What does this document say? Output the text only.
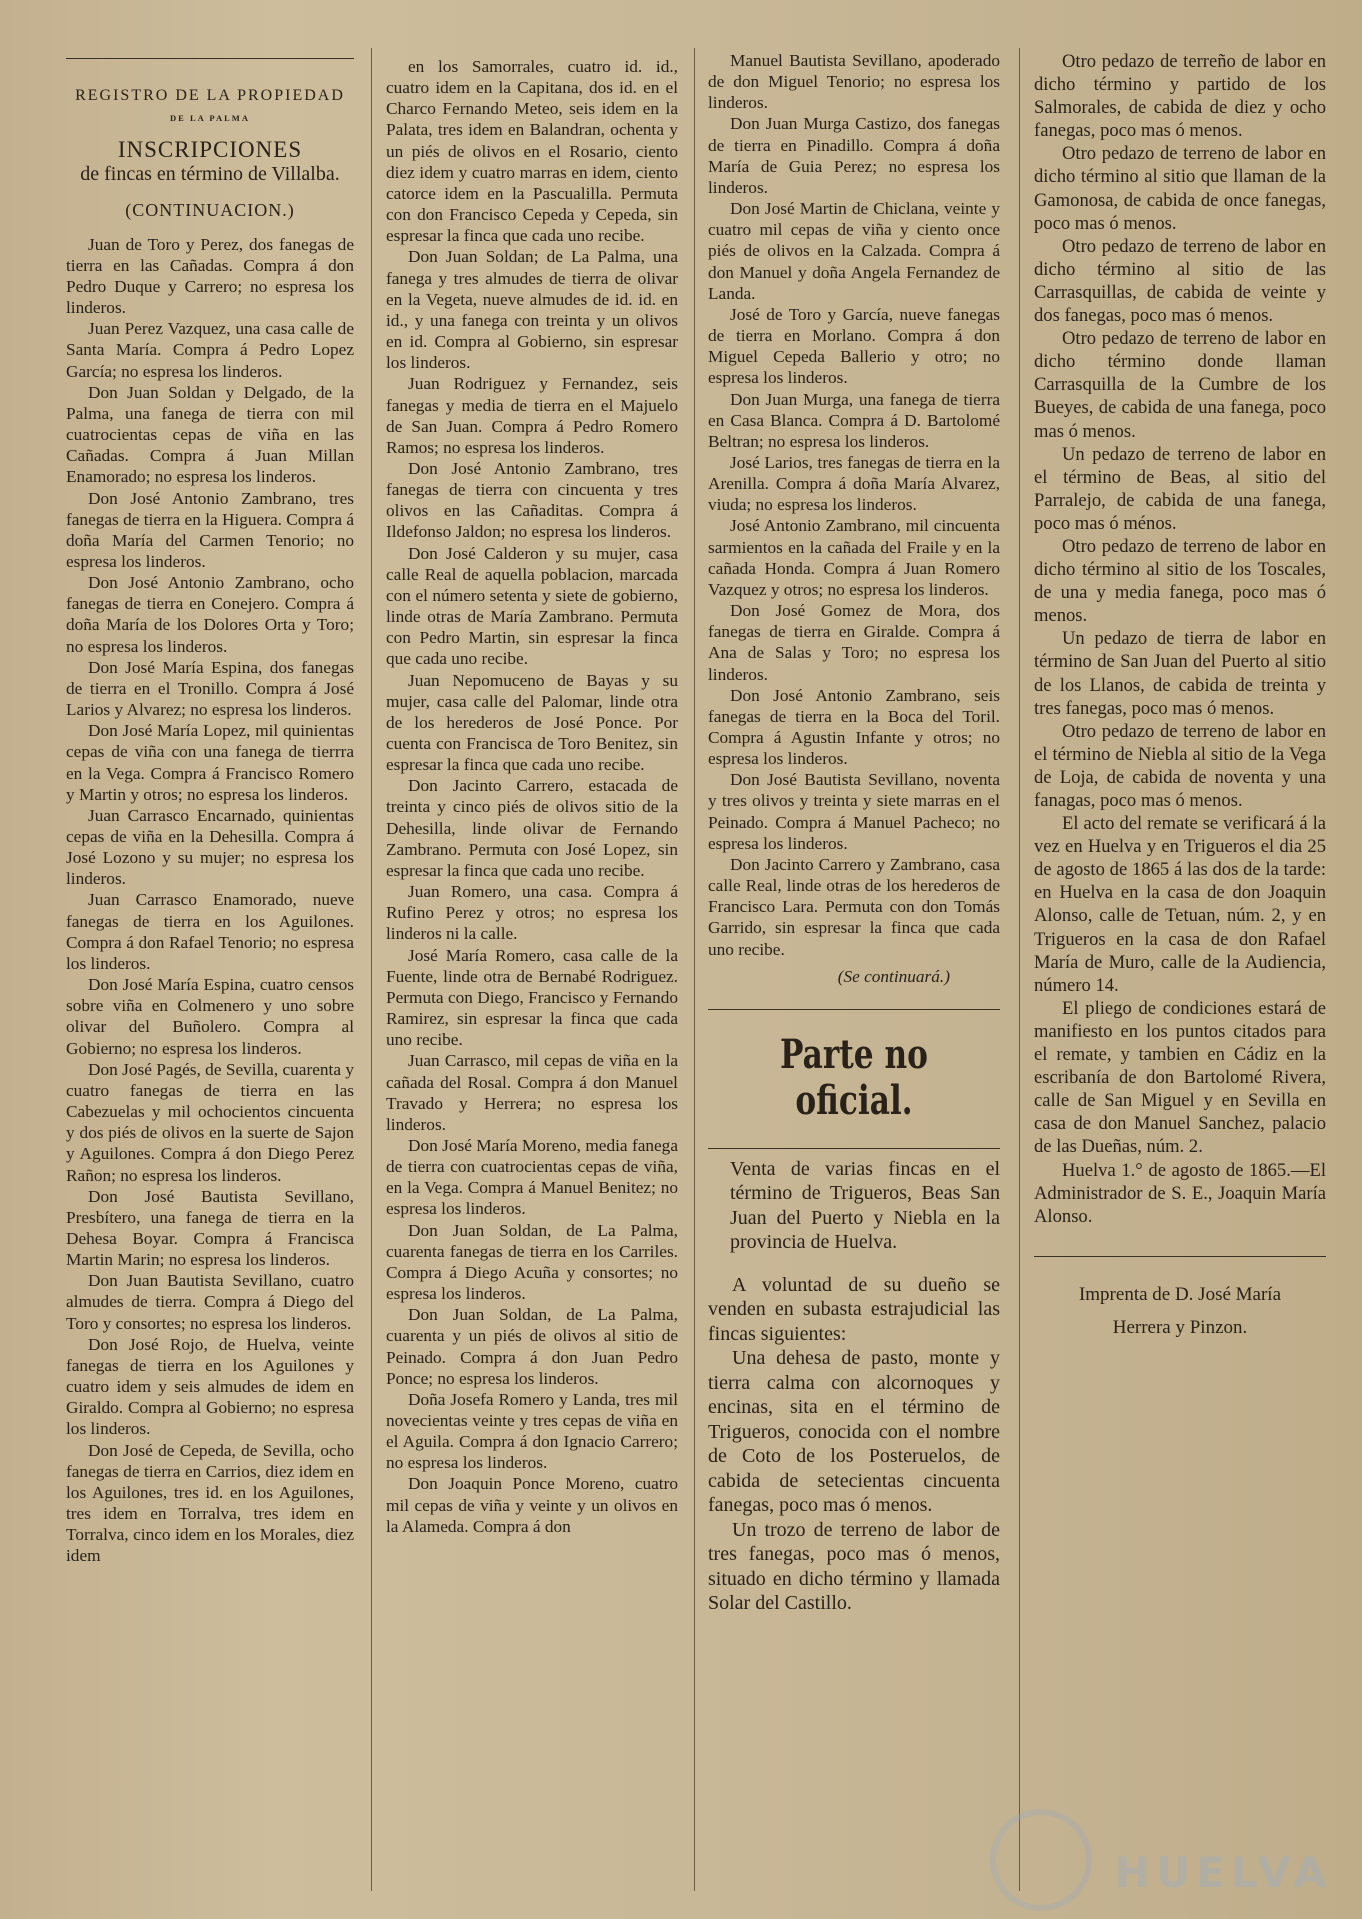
REGISTRO DE LA PROPIEDAD
DE LA PALMA
INSCRIPCIONES
de fincas en término de Villalba.
(CONTINUACION.)

Juan de Toro y Perez, dos fanegas de tierra en las Cañadas. Compra á don Pedro Duque y Carrero; no espresa los linderos.

Juan Perez Vazquez, una casa calle de Santa María. Compra á Pedro Lopez García; no espresa los linderos.

Don Juan Soldan y Delgado, de la Palma, una fanega de tierra con mil cuatrocientas cepas de viña en las Cañadas. Compra á Juan Millan Enamorado; no espresa los linderos.

Don José Antonio Zambrano, tres fanegas de tierra en la Higuera. Compra á doña María del Carmen Tenorio; no espresa los linderos.

Don José Antonio Zambrano, ocho fanegas de tierra en Conejero. Compra á doña María de los Dolores Orta y Toro; no espresa los linderos.

Don José María Espina, dos fanegas de tierra en el Tronillo. Compra á José Larios y Alvarez; no espresa los linderos.

Don José María Lopez, mil quinientas cepas de viña con una fanega de tierrra en la Vega. Compra á Francisco Romero y Martin y otros; no espresa los linderos.

Juan Carrasco Encarnado, quinientas cepas de viña en la Dehesilla. Compra á José Lozono y su mujer; no espresa los linderos.

Juan Carrasco Enamorado, nueve fanegas de tierra en los Aguilones. Compra á don Rafael Tenorio; no espresa los linderos.

Don José María Espina, cuatro censos sobre viña en Colmenero y uno sobre olivar del Buñolero. Compra al Gobierno; no espresa los linderos.

Don José Pagés, de Sevilla, cuarenta y cuatro fanegas de tierra en las Cabezuelas y mil ochocientos cincuenta y dos piés de olivos en la suerte de Sajon y Aguilones. Compra á don Diego Perez Rañon; no espresa los linderos.

Don José Bautista Sevillano, Presbítero, una fanega de tierra en la Dehesa Boyar. Compra á Francisca Martin Marin; no espresa los linderos.

Don Juan Bautista Sevillano, cuatro almudes de tierra. Compra á Diego del Toro y consortes; no espresa los linderos.

Don José Rojo, de Huelva, veinte fanegas de tierra en los Aguilones y cuatro idem y seis almudes de idem en Giraldo. Compra al Gobierno; no espresa los linderos.

Don José de Cepeda, de Sevilla, ocho fanegas de tierra en Carrios, diez idem en los Aguilones, tres id. en los Aguilones, tres idem en Torralva, tres idem en Torralva, cinco idem en los Morales, diez idem

en los Samorrales, cuatro id. id., cuatro idem en la Capitana, dos id. en el Charco Fernando Meteo, seis idem en la Palata, tres idem en Balandran, ochenta y un piés de olivos en el Rosario, ciento diez idem y cuatro marras en idem, ciento catorce idem en la Pascualilla. Permuta con don Francisco Cepeda y Cepeda, sin espresar la finca que cada uno recibe.

Don Juan Soldan; de La Palma, una fanega y tres almudes de tierra de olivar en la Vegeta, nueve almudes de id. id. en id., y una fanega con treinta y un olivos en id. Compra al Gobierno, sin espresar los linderos.

Juan Rodriguez y Fernandez, seis fanegas y media de tierra en el Majuelo de San Juan. Compra á Pedro Romero Ramos; no espresa los linderos.

Don José Antonio Zambrano, tres fanegas de tierra con cincuenta y tres olivos en las Cañaditas. Compra á Ildefonso Jaldon; no espresa los linderos.

Don José Calderon y su mujer, casa calle Real de aquella poblacion, marcada con el número setenta y siete de gobierno, linde otras de María Zambrano. Permuta con Pedro Martin, sin espresar la finca que cada uno recibe.

Juan Nepomuceno de Bayas y su mujer, casa calle del Palomar, linde otra de los herederos de José Ponce. Por cuenta con Francisca de Toro Benitez, sin espresar la finca que cada uno recibe.

Don Jacinto Carrero, estacada de treinta y cinco piés de olivos sitio de la Dehesilla, linde olivar de Fernando Zambrano. Permuta con José Lopez, sin espresar la finca que cada uno recibe.

Juan Romero, una casa. Compra á Rufino Perez y otros; no espresa los linderos ni la calle.

José María Romero, casa calle de la Fuente, linde otra de Bernabé Rodriguez. Permuta con Diego, Francisco y Fernando Ramirez, sin espresar la finca que cada uno recibe.

Juan Carrasco, mil cepas de viña en la cañada del Rosal. Compra á don Manuel Travado y Herrera; no espresa los linderos.

Don José María Moreno, media fanega de tierra con cuatrocientas cepas de viña, en la Vega. Compra á Manuel Benitez; no espresa los linderos.

Don Juan Soldan, de La Palma, cuarenta fanegas de tierra en los Carriles. Compra á Diego Acuña y consortes; no espresa los linderos.

Don Juan Soldan, de La Palma, cuarenta y un piés de olivos al sitio de Peinado. Compra á don Juan Pedro Ponce; no espresa los linderos.

Doña Josefa Romero y Landa, tres mil novecientas veinte y tres cepas de viña en el Aguila. Compra á don Ignacio Carrero; no espresa los linderos.

Don Joaquin Ponce Moreno, cuatro mil cepas de viña y veinte y un olivos en la Alameda. Compra á don

Manuel Bautista Sevillano, apoderado de don Miguel Tenorio; no espresa los linderos.

Don Juan Murga Castizo, dos fanegas de tierra en Pinadillo. Compra á doña María de Guia Perez; no espresa los linderos.

Don José Martin de Chiclana, veinte y cuatro mil cepas de viña y ciento once piés de olivos en la Calzada. Compra á don Manuel y doña Angela Fernandez de Landa.

José de Toro y García, nueve fanegas de tierra en Morlano. Compra á don Miguel Cepeda Ballerio y otro; no espresa los linderos.

Don Juan Murga, una fanega de tierra en Casa Blanca. Compra á D. Bartolomé Beltran; no espresa los linderos.

José Larios, tres fanegas de tierra en la Arenilla. Compra á doña María Alvarez, viuda; no espresa los linderos.

José Antonio Zambrano, mil cincuenta sarmientos en la cañada del Fraile y en la cañada Honda. Compra á Juan Romero Vazquez y otros; no espresa los linderos.

Don José Gomez de Mora, dos fanegas de tierra en Giralde. Compra á Ana de Salas y Toro; no espresa los linderos.

Don José Antonio Zambrano, seis fanegas de tierra en la Boca del Toril. Compra á Agustin Infante y otros; no espresa los linderos.

Don José Bautista Sevillano, noventa y tres olivos y treinta y siete marras en el Peinado. Compra á Manuel Pacheco; no espresa los linderos.

Don Jacinto Carrero y Zambrano, casa calle Real, linde otras de los herederos de Francisco Lara. Permuta con don Tomás Garrido, sin espresar la finca que cada uno recibe.

(Se continuará.)
Parte no oficial.

Venta de varias fincas en el término de Trigueros, Beas San Juan del Puerto y Niebla en la provincia de Huelva.

A voluntad de su dueño se venden en subasta estrajudicial las fincas siguientes:

Una dehesa de pasto, monte y tierra calma con alcornoques y encinas, sita en el término de Trigueros, conocida con el nombre de Coto de los Posteruelos, de cabida de setecientas cincuenta fanegas, poco mas ó menos.

Un trozo de terreno de labor de tres fanegas, poco mas ó menos, situado en dicho término y llamada Solar del Castillo.

Otro pedazo de terreño de labor en dicho término y partido de los Salmorales, de cabida de diez y ocho fanegas, poco mas ó menos.

Otro pedazo de terreno de labor en dicho término al sitio que llaman de la Gamonosa, de cabida de once fanegas, poco mas ó menos.

Otro pedazo de terreno de labor en dicho término al sitio de las Carrasquillas, de cabida de veinte y dos fanegas, poco mas ó menos.

Otro pedazo de terreno de labor en dicho término donde llaman Carrasquilla de la Cumbre de los Bueyes, de cabida de una fanega, poco mas ó menos.

Un pedazo de terreno de labor en el término de Beas, al sitio del Parralejo, de cabida de una fanega, poco mas ó ménos.

Otro pedazo de terreno de labor en dicho término al sitio de los Toscales, de una y media fanega, poco mas ó menos.

Un pedazo de tierra de labor en término de San Juan del Puerto al sitio de los Llanos, de cabida de treinta y tres fanegas, poco mas ó menos.

Otro pedazo de terreno de labor en el término de Niebla al sitio de la Vega de Loja, de cabida de noventa y una fanagas, poco mas ó menos.

El acto del remate se verificará á la vez en Huelva y en Trigueros el dia 25 de agosto de 1865 á las dos de la tarde: en Huelva en la casa de don Joaquin Alonso, calle de Tetuan, núm. 2, y en Trigueros en la casa de don Rafael María de Muro, calle de la Audiencia, número 14.

El pliego de condiciones estará de manifiesto en los puntos citados para el remate, y tambien en Cádiz en la escribanía de don Bartolomé Rivera, calle de San Miguel y en Sevilla en casa de don Manuel Sanchez, palacio de las Dueñas, núm. 2.

Huelva 1.° de agosto de 1865.—El Administrador de S. E., Joaquin María Alonso.

Imprenta de D. José María
Herrera y Pinzon.
HUELVA
